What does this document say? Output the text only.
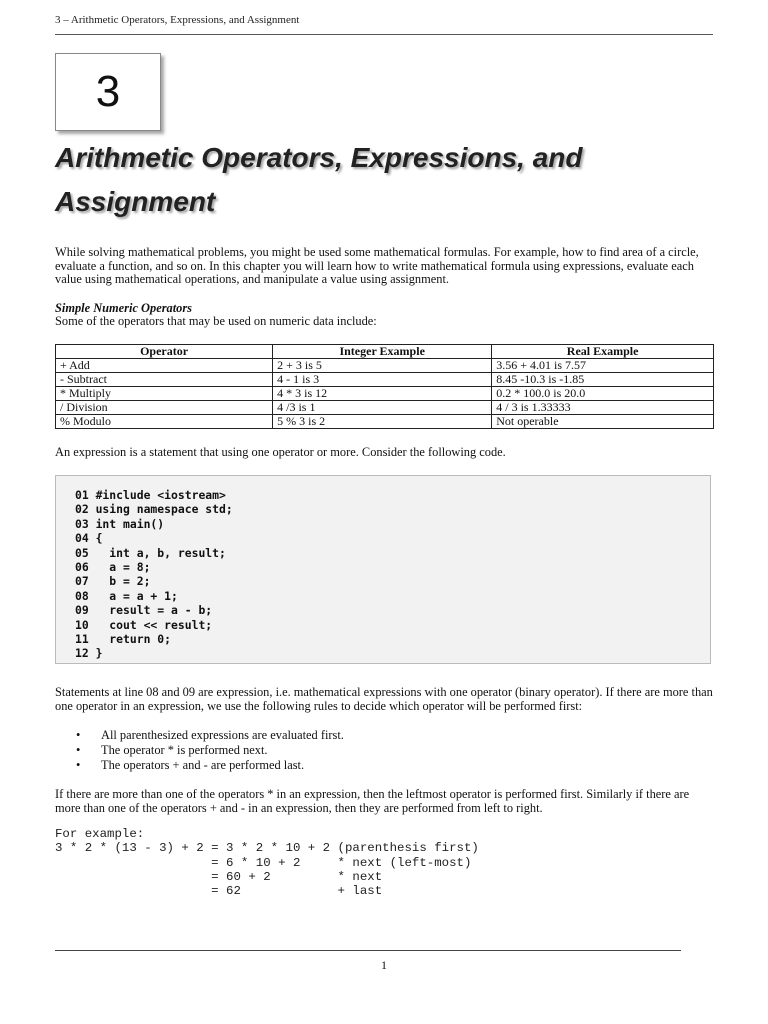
3 – Arithmetic Operators, Expressions, and Assignment
3
Arithmetic Operators, Expressions, and Assignment

While solving mathematical problems, you might be used some mathematical formulas. For example, how to find area of a circle, evaluate a function, and so on. In this chapter you will learn how to write mathematical formula using expressions, evaluate each value using mathematical operations, and manipulate a value using assignment.

Simple Numeric Operators

Some of the operators that may be used on numeric data include:

Operator	Integer Example	Real Example
+ Add	2 + 3 is 5	3.56 + 4.01 is 7.57
- Subtract	4 - 1 is 3	8.45 -10.3 is -1.85
* Multiply	4 * 3 is 12	0.2 * 100.0 is 20.0
/ Division	4 /3 is 1	4 / 3 is 1.33333
% Modulo	5 % 3 is 2	Not operable

An expression is a statement that using one operator or more. Consider the following code.

01 #include <iostream>
02 using namespace std;
03 int main()
04 {
05   int a, b, result;
06   a = 8;
07   b = 2;
08   a = a + 1;
09   result = a - b;
10   cout << result;
11   return 0;
12 }

Statements at line 08 and 09 are expression, i.e. mathematical expressions with one operator (binary operator). If there are more than one operator in an expression, we use the following rules to decide which operator will be performed first:

• All parenthesized expressions are evaluated first.
• The operator * is performed next.
• The operators + and - are performed last.

If there are more than one of the operators * in an expression, then the leftmost operator is performed first. Similarly if there are more than one of the operators + and - in an expression, then they are performed from left to right.

For example:
3 * 2 * (13 - 3) + 2 = 3 * 2 * 10 + 2 (parenthesis first)
= 6 * 10 + 2     * next (left-most)
= 60 + 2         * next
= 62             + last
1
